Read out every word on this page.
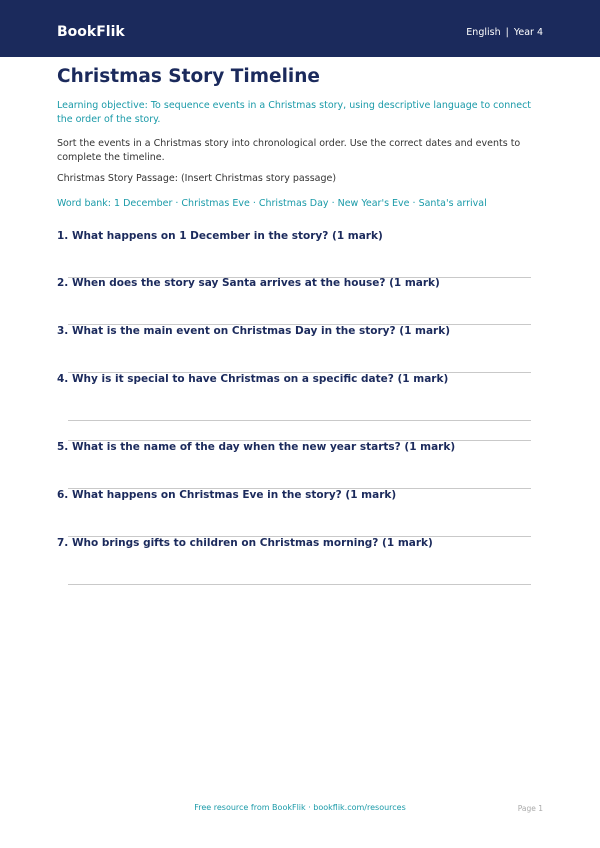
BookFlik	English | Year 4
Christmas Story Timeline
Learning objective: To sequence events in a Christmas story, using descriptive language to connect the order of the story.
Sort the events in a Christmas story into chronological order. Use the correct dates and events to complete the timeline.
Christmas Story Passage: (Insert Christmas story passage)
Word bank: 1 December · Christmas Eve · Christmas Day · New Year's Eve · Santa's arrival
1. What happens on 1 December in the story? (1 mark)
2. When does the story say Santa arrives at the house? (1 mark)
3. What is the main event on Christmas Day in the story? (1 mark)
4. Why is it special to have Christmas on a specific date? (1 mark)
5. What is the name of the day when the new year starts? (1 mark)
6. What happens on Christmas Eve in the story? (1 mark)
7. Who brings gifts to children on Christmas morning? (1 mark)
Free resource from BookFlik · bookflik.com/resources	Page 1
